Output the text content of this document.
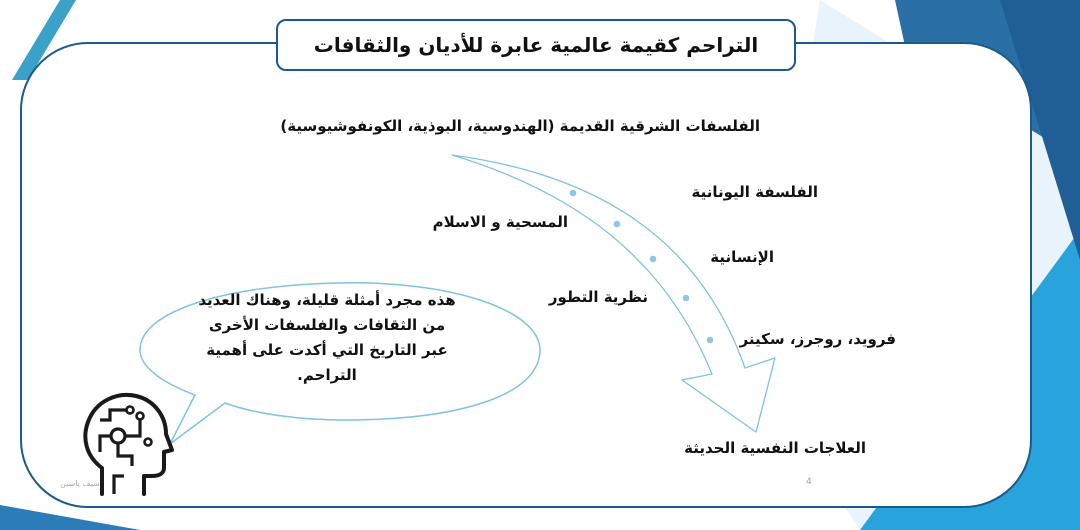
التراحم كقيمة عالمية عابرة للأديان والثقافات
الفلسفات الشرقية القديمة (الهندوسية، البوذية، الكونفوشيوسية)
الفلسفة اليونانية
المسحية و الاسلام
الإنسانية
نظرية التطور
فرويد، روجرز، سكينر
العلاجات النفسية الحديثة
هذه مجرد أمثلة قليلة، وهناك العديد من الثقافات والفلسفات الأخرى عبر التاريخ التي أكدت على أهمية التراحم.
سيف ياسين	4
